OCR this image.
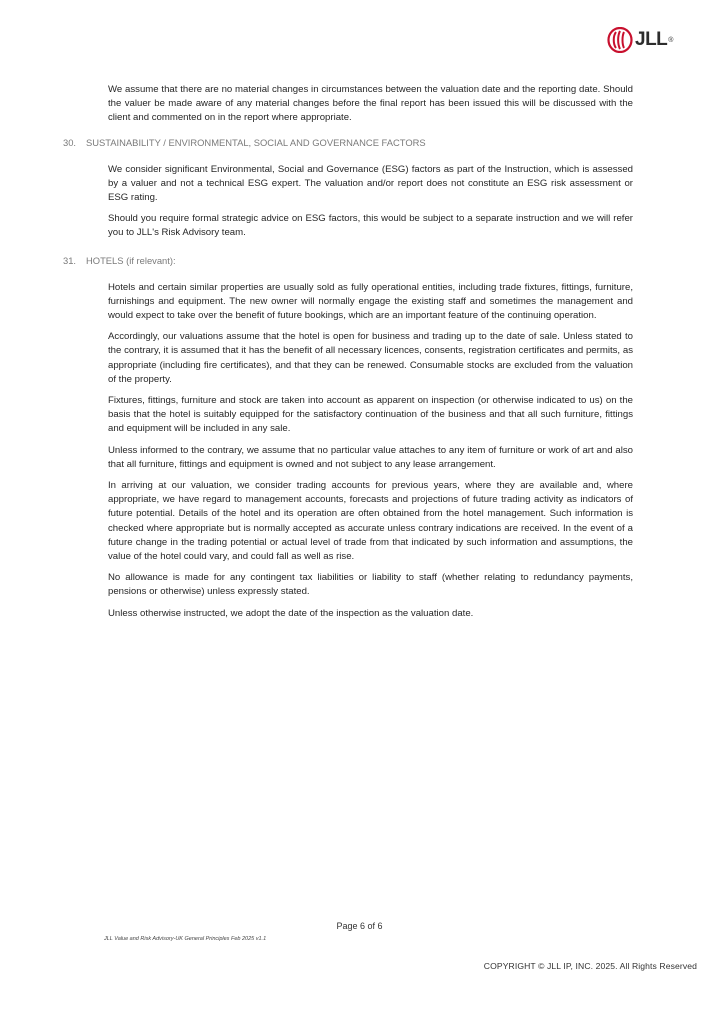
JLL ®

We assume that there are no material changes in circumstances between the valuation date and the reporting date. Should the valuer be made aware of any material changes before the final report has been issued this will be discussed with the client and commented on in the report where appropriate.

30.	SUSTAINABILITY / ENVIRONMENTAL, SOCIAL AND GOVERNANCE FACTORS

We consider significant Environmental, Social and Governance (ESG) factors as part of the Instruction, which is assessed by a valuer and not a technical ESG expert. The valuation and/or report does not constitute an ESG risk assessment or ESG rating.

Should you require formal strategic advice on ESG factors, this would be subject to a separate instruction and we will refer you to JLL's Risk Advisory team.

31.	HOTELS (if relevant):

Hotels and certain similar properties are usually sold as fully operational entities, including trade fixtures, fittings, furniture, furnishings and equipment. The new owner will normally engage the existing staff and sometimes the management and would expect to take over the benefit of future bookings, which are an important feature of the continuing operation.

Accordingly, our valuations assume that the hotel is open for business and trading up to the date of sale. Unless stated to the contrary, it is assumed that it has the benefit of all necessary licences, consents, registration certificates and permits, as appropriate (including fire certificates), and that they can be renewed. Consumable stocks are excluded from the valuation of the property.

Fixtures, fittings, furniture and stock are taken into account as apparent on inspection (or otherwise indicated to us) on the basis that the hotel is suitably equipped for the satisfactory continuation of the business and that all such furniture, fittings and equipment will be included in any sale.

Unless informed to the contrary, we assume that no particular value attaches to any item of furniture or work of art and also that all furniture, fittings and equipment is owned and not subject to any lease arrangement.

In arriving at our valuation, we consider trading accounts for previous years, where they are available and, where appropriate, we have regard to management accounts, forecasts and projections of future trading activity as indicators of future potential. Details of the hotel and its operation are often obtained from the hotel management. Such information is checked where appropriate but is normally accepted as accurate unless contrary indications are received. In the event of a future change in the trading potential or actual level of trade from that indicated by such information and assumptions, the value of the hotel could vary, and could fall as well as rise.

No allowance is made for any contingent tax liabilities or liability to staff (whether relating to redundancy payments, pensions or otherwise) unless expressly stated.

Unless otherwise instructed, we adopt the date of the inspection as the valuation date.

Page 6 of 6
JLL Value and Risk Advisory-UK General Principles Feb 2025 v1.1
COPYRIGHT © JLL IP, INC. 2025. All Rights Reserved
